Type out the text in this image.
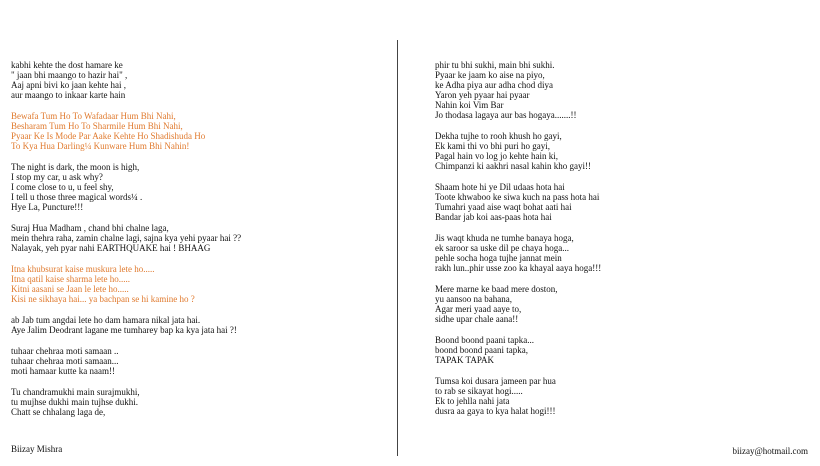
kabhi kehte the dost hamare ke
" jaan bhi maango to hazir hai" ,
Aaj apni bivi ko jaan kehte hai ,
aur maango to inkaar karte hain
Bewafa Tum Ho To Wafadaar Hum Bhi Nahi,
Besharam Tum Ho To Sharmile Hum Bhi Nahi,
Pyaar Ke Is Mode Par Aake Kehte Ho Shadishuda Ho
To Kya Hua Darling¼ Kunware Hum Bhi Nahin!
The night is dark, the moon is high,
I stop my car, u ask why?
I come close to u, u feel shy,
I tell u those three magical words¼ .
Hye La, Puncture!!!
Suraj Hua Madham , chand bhi chalne laga,
mein thehra raha, zamin chalne lagi, sajna kya yehi pyaar hai ??
Nalayak, yeh pyar nahi EARTHQUAKE hai ! BHAAG
Itna khubsurat kaise muskura lete ho.....
Itna qatil kaise sharma lete ho.....
Kitni aasani se Jaan le lete ho.....
Kisi ne sikhaya hai... ya bachpan se hi kamine ho ?
ab Jab tum angdai lete ho dam hamara nikal jata hai.
Aye Jalim Deodrant lagane me tumharey bap ka kya jata hai ?!
tuhaar chehraa moti samaan ..
tuhaar chehraa moti samaan...
moti hamaar kutte ka naam!!
Tu chandramukhi main surajmukhi,
tu mujhse dukhi main tujhse dukhi.
Chatt se chhalang laga de,
phir tu bhi sukhi, main bhi sukhi.
Pyaar ke jaam ko aise na piyo,
ke Adha piya aur adha chod diya
Yaron yeh pyaar hai pyaar
Nahin koi Vim Bar
Jo thodasa lagaya aur bas hogaya.......!!
Dekha tujhe to rooh khush ho gayi,
Ek kami thi vo bhi puri ho gayi,
Pagal hain vo log jo kehte hain ki,
Chimpanzi ki aakhri nasal kahin kho gayi!!
Shaam hote hi ye Dil udaas hota hai
Toote khwaboo ke siwa kuch na pass hota hai
Tumahri yaad aise waqt bohat aati hai
Bandar jab koi aas-paas hota hai
Jis waqt khuda ne tumhe banaya hoga,
ek saroor sa uske dil pe chaya hoga...
pehle socha hoga tujhe jannat mein
rakh lun..phir usse zoo ka khayal aaya hoga!!!
Mere marne ke baad mere doston,
yu aansoo na bahana,
Agar meri yaad aaye to,
sidhe upar chale aana!!
Boond boond paani tapka...
boond boond paani tapka,
TAPAK TAPAK
Tumsa koi dusara jameen par hua
to rab se sikayat hogi.....
Ek to jehlla nahi jata
dusra aa gaya to kya halat hogi!!!
Biizay Mishra	biizay@hotmail.com
